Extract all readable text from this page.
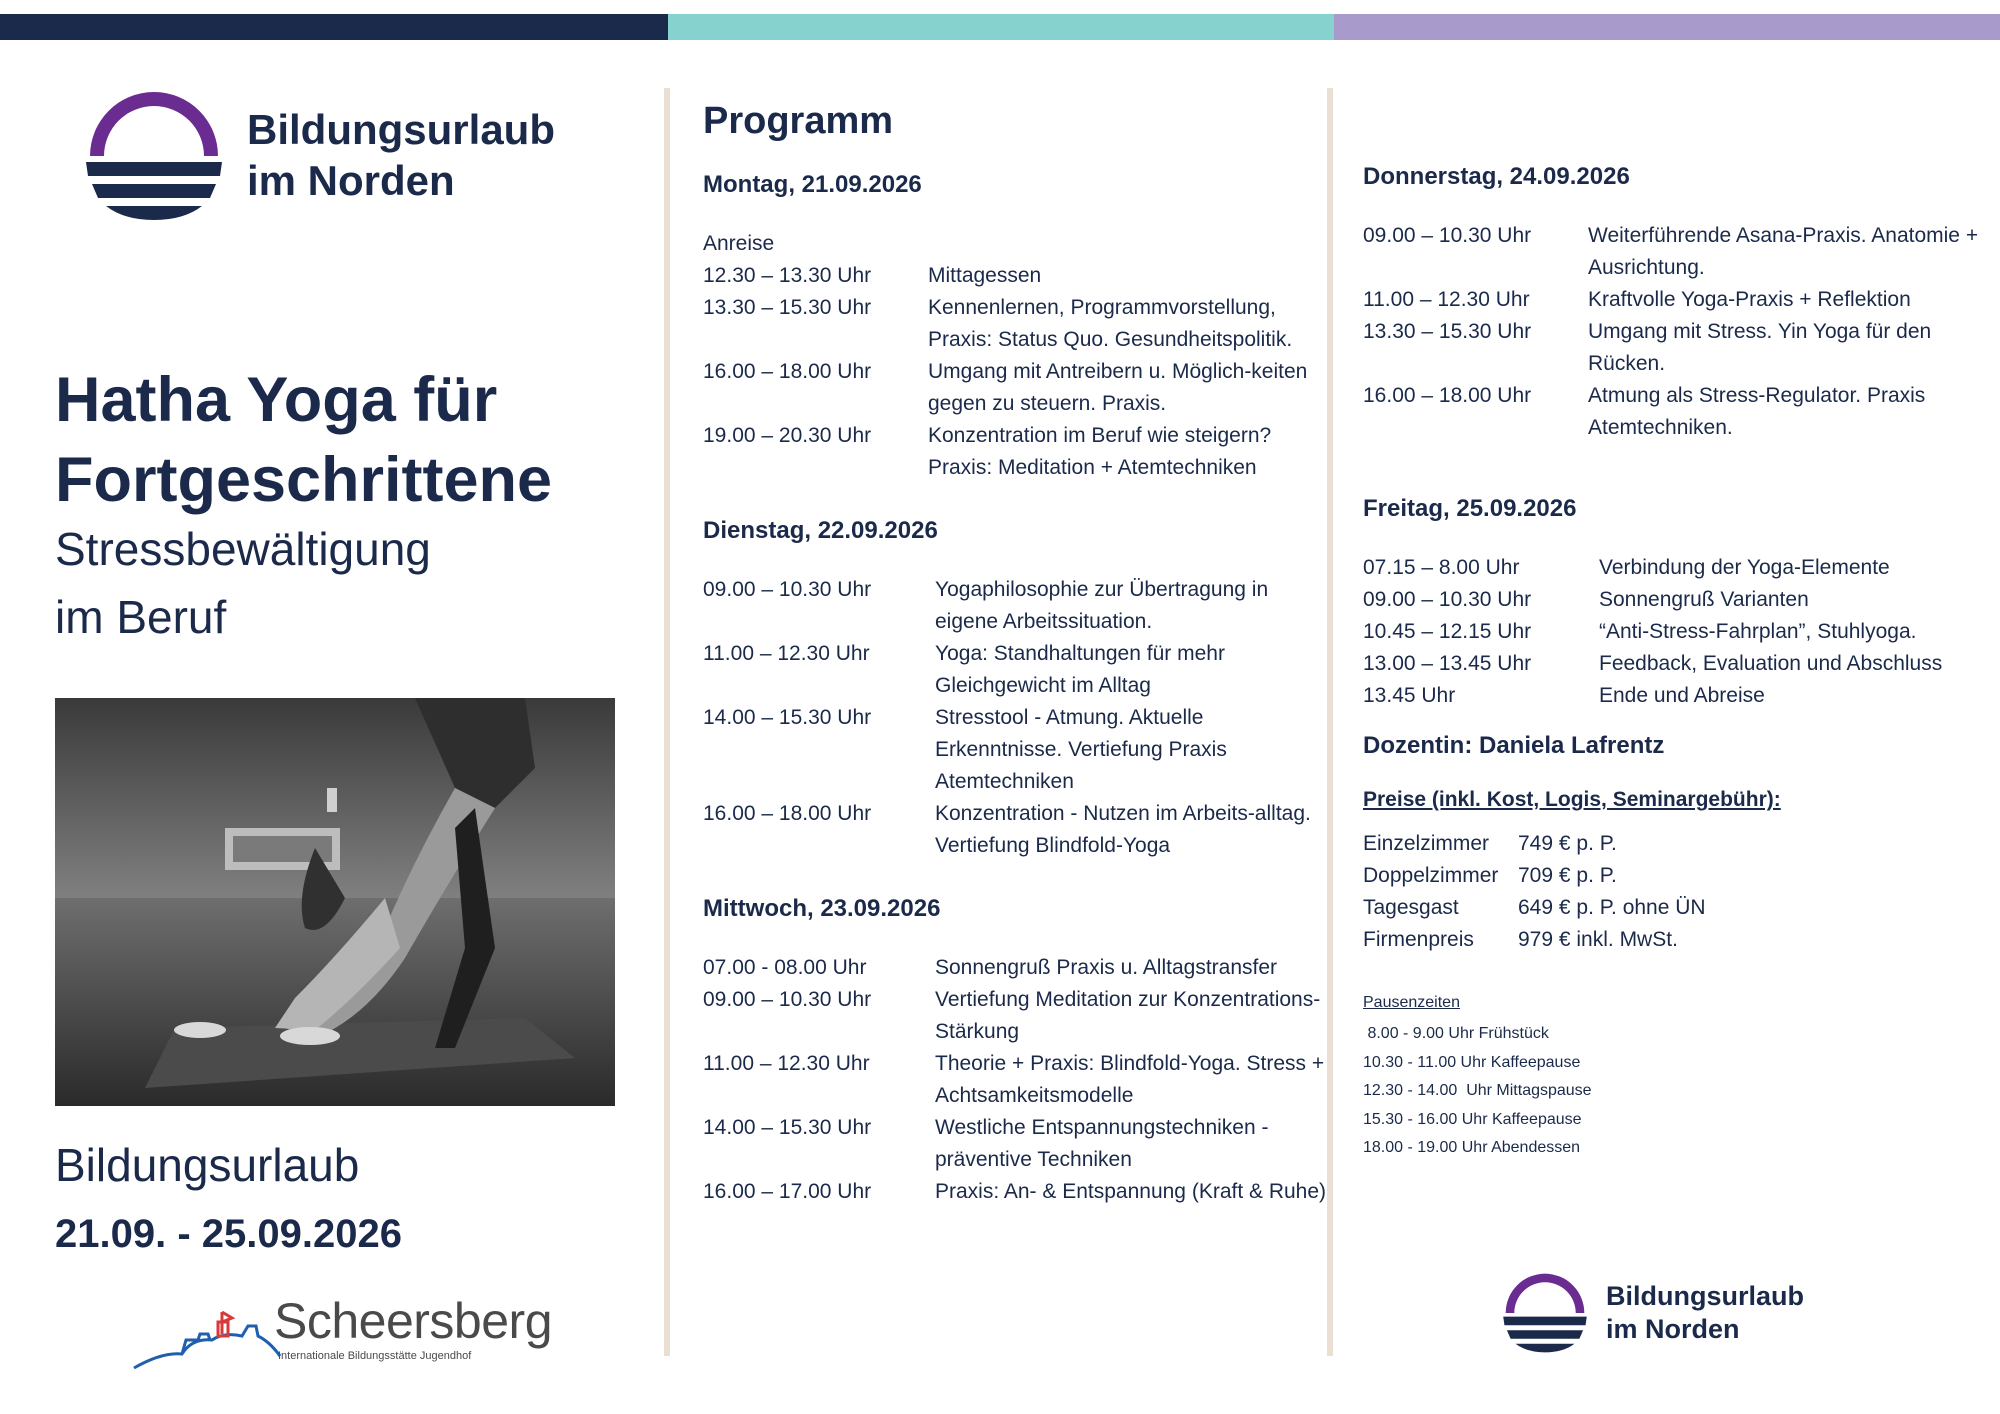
Bildungsurlaub
im Norden
Hatha Yoga für
Fortgeschrittene
Stressbewältigung
im Beruf
Bildungsurlaub
21.09. - 25.09.2026
Scheersberg
Internationale Bildungsstätte Jugendhof
Programm
Montag, 21.09.2026
Anreise
12.30 – 13.30 Uhr	Mittagessen
13.30 – 15.30 Uhr	Kennenlernen, Programmvorstellung, Praxis: Status Quo. Gesundheitspolitik.
16.00 – 18.00 Uhr	Umgang mit Antreibern u. Möglich-keiten gegen zu steuern. Praxis.
19.00 – 20.30 Uhr	Konzentration im Beruf wie steigern? Praxis: Meditation + Atemtechniken
Dienstag, 22.09.2026
09.00 – 10.30 Uhr	Yogaphilosophie zur Übertragung in eigene Arbeitssituation.
11.00 – 12.30 Uhr	Yoga: Standhaltungen für mehr Gleichgewicht im Alltag
14.00 – 15.30 Uhr	Stresstool - Atmung. Aktuelle Erkenntnisse. Vertiefung Praxis Atemtechniken
16.00 – 18.00 Uhr	Konzentration - Nutzen im Arbeits-alltag. Vertiefung Blindfold-Yoga
Mittwoch, 23.09.2026
07.00 - 08.00 Uhr	Sonnengruß Praxis u. Alltagstransfer
09.00 – 10.30 Uhr	Vertiefung Meditation zur Konzentrations-Stärkung
11.00 – 12.30 Uhr	Theorie + Praxis: Blindfold-Yoga. Stress + Achtsamkeitsmodelle
14.00 – 15.30 Uhr	Westliche Entspannungstechniken - präventive Techniken
16.00 – 17.00 Uhr	Praxis: An- & Entspannung (Kraft & Ruhe)
Donnerstag, 24.09.2026
09.00 – 10.30 Uhr	Weiterführende Asana-Praxis. Anatomie + Ausrichtung.
11.00 – 12.30 Uhr	Kraftvolle Yoga-Praxis + Reflektion
13.30 – 15.30 Uhr	Umgang mit Stress. Yin Yoga für den Rücken.
16.00 – 18.00 Uhr	Atmung als Stress-Regulator. Praxis Atemtechniken.
Freitag, 25.09.2026
07.15 – 8.00 Uhr	Verbindung der Yoga-Elemente
09.00 – 10.30 Uhr	Sonnengruß Varianten
10.45 – 12.15 Uhr	“Anti-Stress-Fahrplan”, Stuhlyoga.
13.00 – 13.45 Uhr	Feedback, Evaluation und Abschluss
13.45 Uhr	Ende und Abreise
Dozentin: Daniela Lafrentz
Preise (inkl. Kost, Logis, Seminargebühr):
Einzelzimmer	749 € p. P.
Doppelzimmer 709 € p. P.
Tagesgast	649 € p. P. ohne ÜN
Firmenpreis	979 € inkl. MwSt.
Pausenzeiten
8.00 - 9.00 Uhr Frühstück
10.30 - 11.00 Uhr Kaffeepause
12.30 - 14.00  Uhr Mittagspause
15.30 - 16.00 Uhr Kaffeepause
18.00 - 19.00 Uhr Abendessen
Bildungsurlaub
im Norden
